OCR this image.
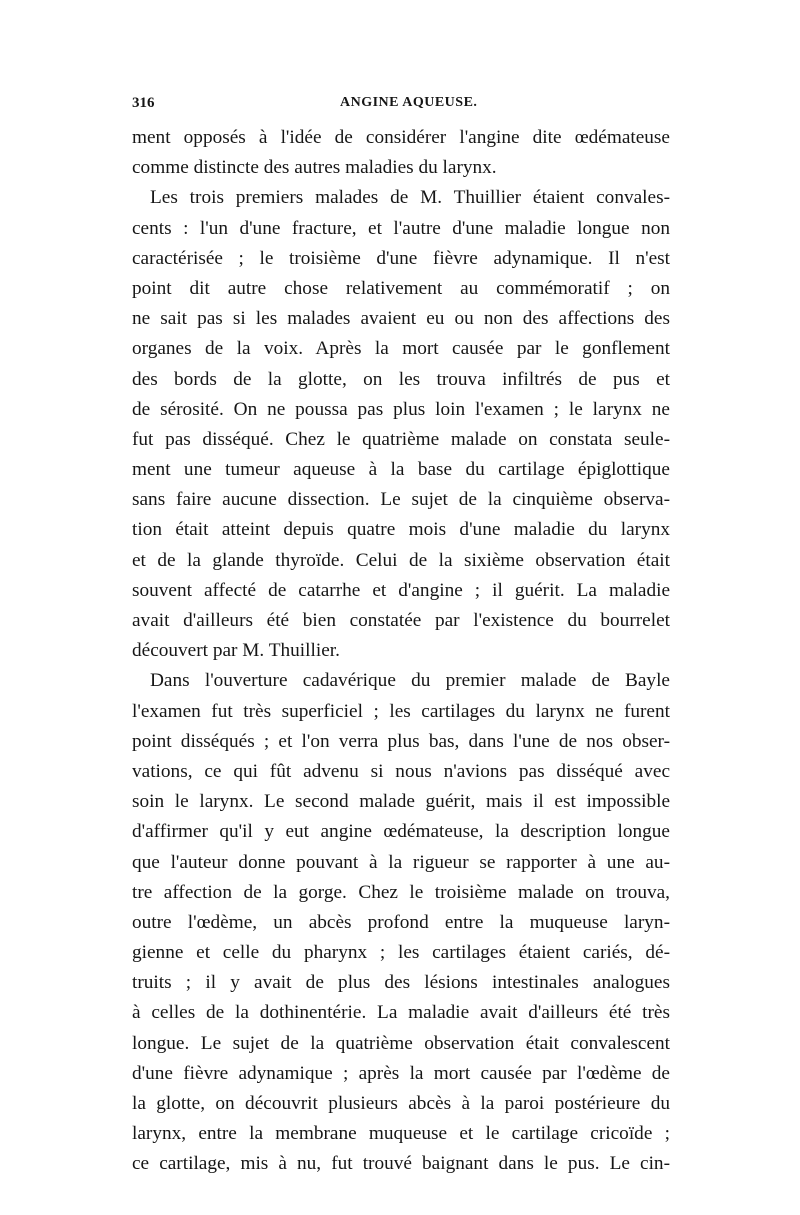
316	ANGINE AQUEUSE.
ment opposés à l'idée de considérer l'angine dite œdémateuse
comme distincte des autres maladies du larynx.
Les trois premiers malades de M. Thuillier étaient convales-
cents : l'un d'une fracture, et l'autre d'une maladie longue non
caractérisée ; le troisième d'une fièvre adynamique. Il n'est
point dit autre chose relativement au commémoratif ; on
ne sait pas si les malades avaient eu ou non des affections des
organes de la voix. Après la mort causée par le gonflement
des bords de la glotte, on les trouva infiltrés de pus et
de sérosité. On ne poussa pas plus loin l'examen ; le larynx ne
fut pas disséqué. Chez le quatrième malade on constata seule-
ment une tumeur aqueuse à la base du cartilage épiglottique
sans faire aucune dissection. Le sujet de la cinquième observa-
tion était atteint depuis quatre mois d'une maladie du larynx
et de la glande thyroïde. Celui de la sixième observation était
souvent affecté de catarrhe et d'angine ; il guérit. La maladie
avait d'ailleurs été bien constatée par l'existence du bourrelet
découvert par M. Thuillier.
Dans l'ouverture cadavérique du premier malade de Bayle
l'examen fut très superficiel ; les cartilages du larynx ne furent
point disséqués ; et l'on verra plus bas, dans l'une de nos obser-
vations, ce qui fût advenu si nous n'avions pas disséqué avec
soin le larynx. Le second malade guérit, mais il est impossible
d'affirmer qu'il y eut angine œdémateuse, la description longue
que l'auteur donne pouvant à la rigueur se rapporter à une au-
tre affection de la gorge. Chez le troisième malade on trouva,
outre l'œdème, un abcès profond entre la muqueuse laryn-
gienne et celle du pharynx ; les cartilages étaient cariés, dé-
truits ; il y avait de plus des lésions intestinales analogues
à celles de la dothinentérie. La maladie avait d'ailleurs été très
longue. Le sujet de la quatrième observation était convalescent
d'une fièvre adynamique ; après la mort causée par l'œdème de
la glotte, on découvrit plusieurs abcès à la paroi postérieure du
larynx, entre la membrane muqueuse et le cartilage cricoïde ;
ce cartilage, mis à nu, fut trouvé baignant dans le pus. Le cin-
